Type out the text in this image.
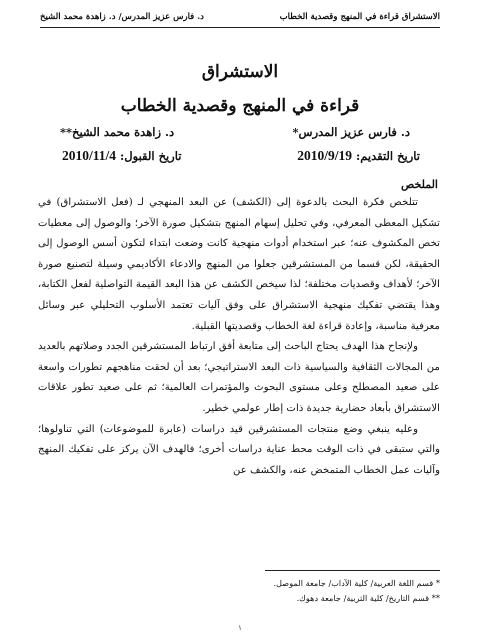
الاستشراق قراءة في المنهج وقصدية الخطاب
د. فارس عزيز المدرس/ د. زاهدة محمد الشيخ
الاستشراق
قراءة في المنهج وقصدية الخطاب
د. فارس عزيز المدرس*
د. زاهدة محمد الشيخ**
تاريخ التقديم: 2010/9/19
تاريخ القبول: 2010/11/4
الملخص

تتلخص فكرة البحث بالدعوة إلى (الكشف) عن البعد المنهجي لـ (فعل الاستشراق) في تشكيل المعطى المعرفي، وفي تحليل إسهام المنهج بتشكيل صورة الآخر؛ والوصول إلى معطيات تخص المكشوف عنه؛ عبر استخدام أدوات منهجية كانت وضعت ابتداء لتكون أسس الوصول إلى الحقيقة، لكن قسما من المستشرقين جعلوا من المنهج والادعاء الأكاديمي وسيلة لتصنيع صورة الآخر؛ لأهداف وقصديات مختلفة؛ لذا سيخص الكشف عن هذا البعد القيمة التواصلية لفعل الكتابة، وهذا يقتضي تفكيك منهجية الاستشراق على وفق آليات تعتمد الأسلوب التحليلي عبر وسائل معرفية مناسبة، وإعادة قراءة لغة الخطاب وقصديتها القبلية.

ولإنجاح هذا الهدف يحتاج الباحث إلى متابعة أفق ارتباط المستشرقين الجدد وصلاتهم بالعديد من المجالات الثقافية والسياسية ذات البعد الاستراتيجي؛ بعد أن لحقت مناهجهم تطورات واسعة على صعيد المصطلح وعلى مستوى البحوث والمؤتمرات العالمية؛ ثم على صعيد تطور علاقات الاستشراق بأبعاد حضارية جديدة ذات إطار عولمي خطير.

وعليه ينبغي وضع منتجات المستشرقين قيد دراسات (عابرة للموضوعات) التي تناولوها؛ والتي ستبقى في ذات الوقت محط عناية دراسات أخرى؛ فالهدف الآن يركز على تفكيك المنهج وآليات عمل الخطاب المتمخض عنه، والكشف عن

* قسم اللغة العربية/ كلية الآداب/ جامعة الموصل.
** قسم التاريخ/ كلية التربية/ جامعة دهوك.
١
